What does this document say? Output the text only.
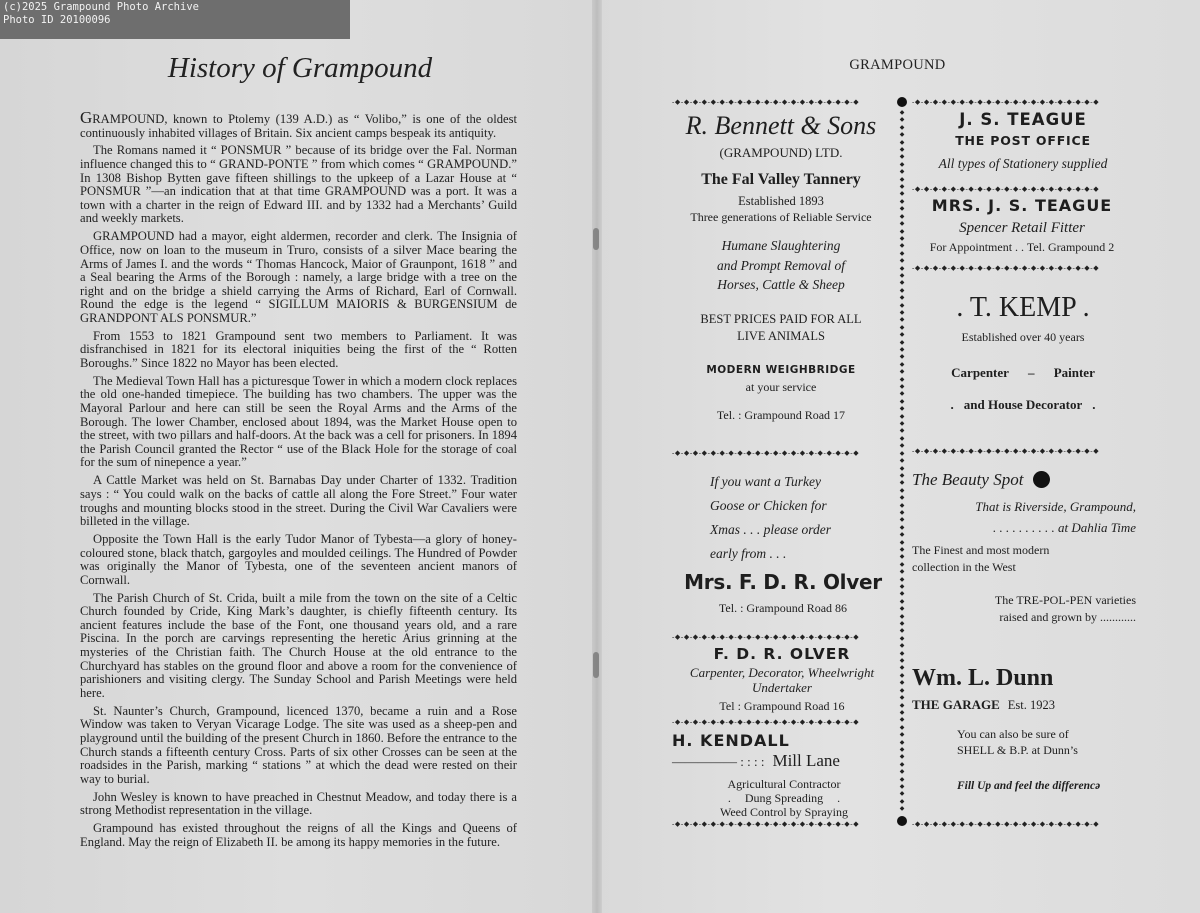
(c)2025 Grampound Photo Archive
Photo ID 20100096
History of Grampound

GRAMPOUND, known to Ptolemy (139 A.D.) as “ Volibo,” is one of the oldest continuously inhabited villages of Britain. Six ancient camps bespeak its antiquity.

The Romans named it “ PONSMUR ” because of its bridge over the Fal. Norman influence changed this to “ GRAND-PONTE ” from which comes “ GRAMPOUND.” In 1308 Bishop Bytten gave fifteen shillings to the upkeep of a Lazar House at “ PONSMUR ”—an indication that at that time GRAMPOUND was a port. It was a town with a charter in the reign of Edward III. and by 1332 had a Merchants’ Guild and weekly markets.

GRAMPOUND had a mayor, eight aldermen, recorder and clerk. The Insignia of Office, now on loan to the museum in Truro, consists of a silver Mace bearing the Arms of James I. and the words “ Thomas Hancock, Maior of Graunpont, 1618 ” and a Seal bearing the Arms of the Borough : namely, a large bridge with a tree on the right and on the bridge a shield carrying the Arms of Richard, Earl of Cornwall. Round the edge is the legend “ SIGILLUM MAIORIS & BURGENSIUM de GRANDPONT ALS PONSMUR.”

From 1553 to 1821 Grampound sent two members to Parliament. It was disfranchised in 1821 for its electoral iniquities being the first of the “ Rotten Boroughs.” Since 1822 no Mayor has been elected.

The Medieval Town Hall has a picturesque Tower in which a modern clock replaces the old one-handed timepiece. The building has two chambers. The upper was the Mayoral Parlour and here can still be seen the Royal Arms and the Arms of the Borough. The lower Chamber, enclosed about 1894, was the Market House open to the street, with two pillars and half-doors. At the back was a cell for prisoners. In 1894 the Parish Council granted the Rector “ use of the Black Hole for the storage of coal for the sum of ninepence a year.”

A Cattle Market was held on St. Barnabas Day under Charter of 1332. Tradition says : “ You could walk on the backs of cattle all along the Fore Street.” Four water troughs and mounting blocks stood in the street. During the Civil War Cavaliers were billeted in the village.

Opposite the Town Hall is the early Tudor Manor of Tybesta—a glory of honey-coloured stone, black thatch, gargoyles and moulded ceilings. The Hundred of Powder was originally the Manor of Tybesta, one of the seventeen ancient manors of Cornwall.

The Parish Church of St. Crida, built a mile from the town on the site of a Celtic Church founded by Cride, King Mark’s daughter, is chiefly fifteenth century. Its ancient features include the base of the Font, one thousand years old, and a rare Piscina. In the porch are carvings representing the heretic Arius grinning at the mysteries of the Christian faith. The Church House at the old entrance to the Churchyard has stables on the ground floor and above a room for the convenience of parishioners and visiting clergy. The Sunday School and Parish Meetings were held here.

St. Naunter’s Church, Grampound, licenced 1370, became a ruin and a Rose Window was taken to Veryan Vicarage Lodge. The site was used as a sheep-pen and playground until the building of the present Church in 1860. Before the entrance to the Church stands a fifteenth century Cross. Parts of six other Crosses can be seen at the roadsides in the Parish, marking “ stations ” at which the dead were rested on their way to burial.

John Wesley is known to have preached in Chestnut Meadow, and today there is a strong Methodist representation in the village.

Grampound has existed throughout the reigns of all the Kings and Queens of England. May the reign of Elizabeth II. be among its happy memories in the future.

GRAMPOUND
-◆-◆-◆-◆-◆-◆-◆-◆-◆-◆-◆-◆-◆-◆-◆-◆-◆-◆-◆-◆-◆	-◆-◆-◆-◆-◆-◆-◆-◆-◆-◆-◆-◆-◆-◆-◆-◆-◆-◆-◆-◆-◆
◆
◆
◆
◆
◆
◆
◆
◆
◆
◆
◆
◆
◆
◆
◆
◆
◆
◆
◆
◆
◆
◆
◆
◆
◆
◆
◆
◆
◆
◆
◆
◆
◆
◆
◆
◆
◆
◆
◆
◆
◆
◆
◆
◆
◆
◆
◆
◆
◆
◆
◆
◆
◆
◆
◆
◆
◆
◆
◆
◆
◆
◆
◆
◆
◆
◆
◆
◆
◆
◆
◆
◆
◆
◆
◆
◆
◆
◆
◆
◆
◆
◆
◆
◆
◆
◆
◆
◆
◆
◆
◆
◆
◆
◆
◆
-◆-◆-◆-◆-◆-◆-◆-◆-◆-◆-◆-◆-◆-◆-◆-◆-◆-◆-◆-◆-◆
-◆-◆-◆-◆-◆-◆-◆-◆-◆-◆-◆-◆-◆-◆-◆-◆-◆-◆-◆-◆-◆
-◆-◆-◆-◆-◆-◆-◆-◆-◆-◆-◆-◆-◆-◆-◆-◆-◆-◆-◆-◆-◆
-◆-◆-◆-◆-◆-◆-◆-◆-◆-◆-◆-◆-◆-◆-◆-◆-◆-◆-◆-◆-◆
-◆-◆-◆-◆-◆-◆-◆-◆-◆-◆-◆-◆-◆-◆-◆-◆-◆-◆-◆-◆-◆
-◆-◆-◆-◆-◆-◆-◆-◆-◆-◆-◆-◆-◆-◆-◆-◆-◆-◆-◆-◆-◆
-◆-◆-◆-◆-◆-◆-◆-◆-◆-◆-◆-◆-◆-◆-◆-◆-◆-◆-◆-◆-◆
-◆-◆-◆-◆-◆-◆-◆-◆-◆-◆-◆-◆-◆-◆-◆-◆-◆-◆-◆-◆-◆
R. Bennett & Sons
(GRAMPOUND) LTD.
The Fal Valley Tannery
Established 1893
Three generations of Reliable Service
Humane Slaughtering
and Prompt Removal of
Horses, Cattle & Sheep
BEST PRICES PAID FOR ALL
LIVE ANIMALS
MODERN WEIGHBRIDGE
at your service
Tel. : Grampound Road 17
If you want a Turkey
Goose or Chicken for
Xmas . . . please order
early from . . .
Mrs. F. D. R. Olver
Tel. : Grampound Road 86
F. D. R. OLVER
Carpenter, Decorator, Wheelwright
Undertaker
Tel : Grampound Road 16
H. KENDALL
————— : : : : Mill Lane
Agricultural Contractor
. Dung Spreading .
Weed Control by Spraying
J. S. TEAGUE
THE POST OFFICE
All types of Stationery supplied
MRS. J. S. TEAGUE
Spencer Retail Fitter
For Appointment . . Tel. Grampound 2
. T. KEMP .
Established over 40 years
Carpenter – Painter
. and House Decorator .
The Beauty Spot
That is Riverside, Grampound,
. . . . . . . . . . at Dahlia Time
The Finest and most modern
collection in the West
The TRE-POL-PEN varieties
raised and grown by ............
Wm. L. Dunn
THE GARAGE Est. 1923
You can also be sure of
SHELL & B.P. at Dunn’s
Fill Up and feel the differencə
